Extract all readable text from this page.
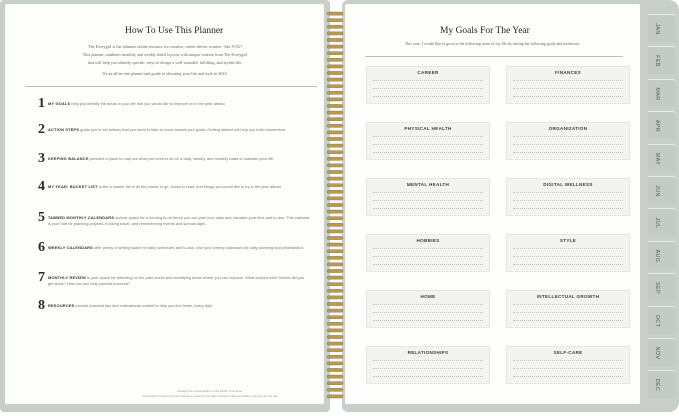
How To Use This Planner
The Everygirl is the ultimate online resource for creative, career-driven women - like YOU!
This planner combines monthly and weekly dated layouts with unique content from The Everygirl
that will help you identify specific ways to design a well-rounded, fulfilling, and stylish life.
It's an all-in-one planner and guide to elevating your life and style in 2023.
1 MY GOALS help you identify the areas in your life that you would like to improve on in the year ahead.
2 ACTION STEPS guide you to set actions that you need to take to move toward your goals. Getting started will help you build momentum.
3 KEEPING BALANCE provides a place to map out what you need to do on a daily, weekly, and monthly basis to maintain your life.
4 MY YEAR: BUCKET LIST is like a master list of all the places to go, books to read, and things you would like to try in the year ahead.
5 TABBED MONTHLY CALENDARS include space for a running to-do list so you can plan your days and visualize your time and to-dos. This calendar is your hub for planning projects, booking travel, and remembering events and special days.
6 WEEKLY CALENDARS offer plenty of writing space for daily schedules and to-dos. Use your weekly calendars for daily planning and prioritization.
7 MONTHLY REVIEW is your space for reflecting on the past month and identifying areas where you can improve. What worked well? Where did you get stuck? How can you help yourself succeed?
8 RESOURCES provide practical tips and motivational content to help you live better, every day!
Holidays are representative of the Pacific Time Zone.
*Depending on where the moon phase is observed, the date of certain religious holidays may vary by one day.
My Goals For The Year
This year, I would like to grow in the following areas of my life by setting the following goals and intentions:
CAREER	FINANCES
PHYSICAL HEALTH	ORGANIZATION
MENTAL HEALTH	DIGITAL WELLNESS
HOBBIES	STYLE
HOME	INTELLECTUAL GROWTH
RELATIONSHIPS	SELF-CARE
JAN
FEB
MAR
APR
MAY
JUN
JUL
AUG
SEP
OCT
NOV
DEC
